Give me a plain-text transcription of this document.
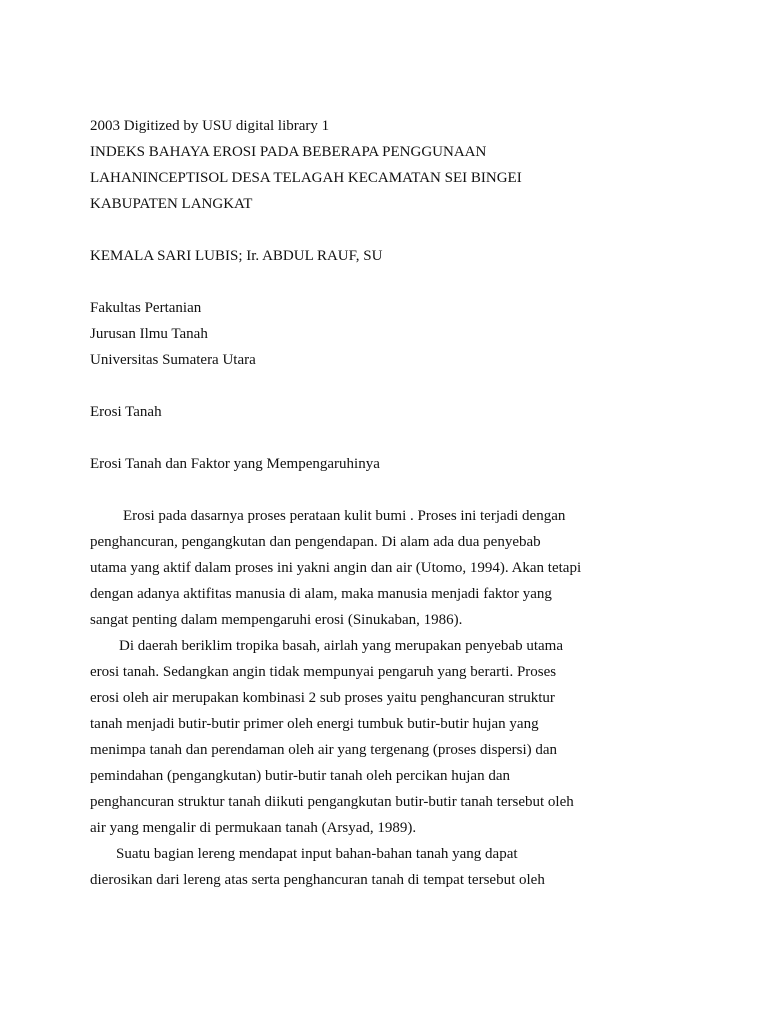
2003 Digitized by USU digital library 1
INDEKS BAHAYA EROSI PADA BEBERAPA PENGGUNAAN
LAHANINCEPTISOL DESA TELAGAH KECAMATAN SEI BINGEI
KABUPATEN LANGKAT
KEMALA SARI LUBIS; Ir. ABDUL RAUF, SU
Fakultas Pertanian
Jurusan Ilmu Tanah
Universitas Sumatera Utara
Erosi Tanah
Erosi Tanah dan Faktor yang Mempengaruhinya
Erosi pada dasarnya proses perataan kulit bumi . Proses ini terjadi dengan
penghancuran, pengangkutan dan pengendapan. Di alam ada dua penyebab
utama yang aktif dalam proses ini yakni angin dan air (Utomo, 1994). Akan tetapi
dengan adanya aktifitas manusia di alam, maka manusia menjadi faktor yang
sangat penting dalam mempengaruhi erosi (Sinukaban, 1986).
Di daerah beriklim tropika basah, airlah yang merupakan penyebab utama
erosi tanah. Sedangkan angin tidak mempunyai pengaruh yang berarti. Proses
erosi oleh air merupakan kombinasi 2 sub proses yaitu penghancuran struktur
tanah menjadi butir-butir primer oleh energi tumbuk butir-butir hujan yang
menimpa tanah dan perendaman oleh air yang tergenang (proses dispersi) dan
pemindahan (pengangkutan) butir-butir tanah oleh percikan hujan dan
penghancuran struktur tanah diikuti pengangkutan butir-butir tanah tersebut oleh
air yang mengalir di permukaan tanah (Arsyad, 1989).
Suatu bagian lereng mendapat input bahan-bahan tanah yang dapat
dierosikan dari lereng atas serta penghancuran tanah di tempat tersebut oleh
